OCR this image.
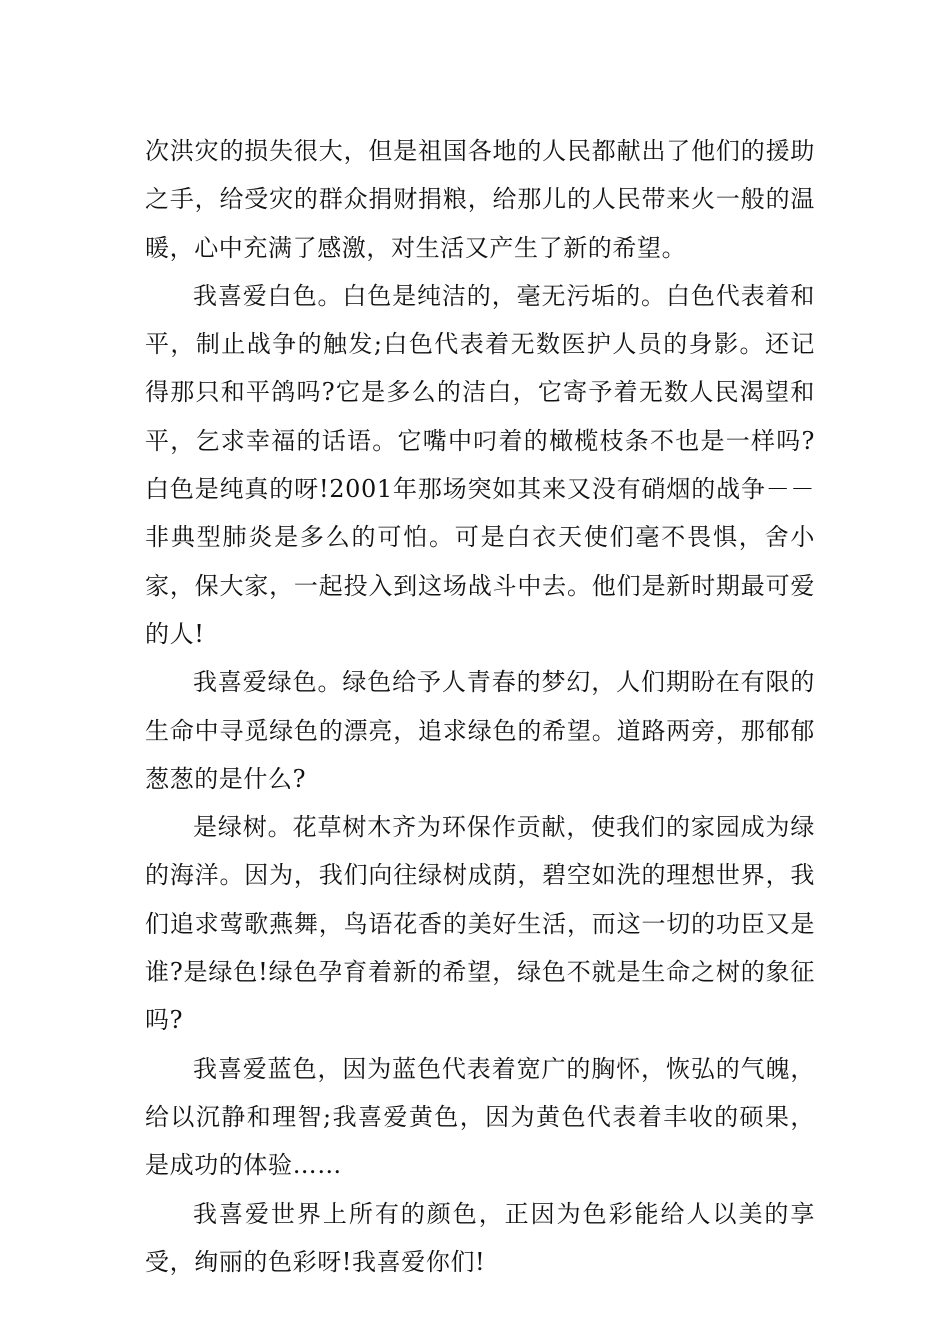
次洪灾的损失很大，但是祖国各地的人民都献出了他们的援助之手，给受灾的群众捐财捐粮，给那儿的人民带来火一般的温暖，心中充满了感激，对生活又产生了新的希望。

我喜爱白色。白色是纯洁的，毫无污垢的。白色代表着和平，制止战争的触发;白色代表着无数医护人员的身影。还记得那只和平鸽吗?它是多么的洁白，它寄予着无数人民渴望和平，乞求幸福的话语。它嘴中叼着的橄榄枝条不也是一样吗?白色是纯真的呀!2001年那场突如其来又没有硝烟的战争－－非典型肺炎是多么的可怕。可是白衣天使们毫不畏惧，舍小家，保大家，一起投入到这场战斗中去。他们是新时期最可爱的人!

我喜爱绿色。绿色给予人青春的梦幻，人们期盼在有限的生命中寻觅绿色的漂亮，追求绿色的希望。道路两旁，那郁郁葱葱的是什么?

是绿树。花草树木齐为环保作贡献，使我们的家园成为绿的海洋。因为，我们向往绿树成荫，碧空如洗的理想世界，我们追求莺歌燕舞，鸟语花香的美好生活，而这一切的功臣又是谁?是绿色!绿色孕育着新的希望，绿色不就是生命之树的象征吗?

我喜爱蓝色，因为蓝色代表着宽广的胸怀，恢弘的气魄，给以沉静和理智;我喜爱黄色，因为黄色代表着丰收的硕果，是成功的体验……

我喜爱世界上所有的颜色，正因为色彩能给人以美的享受，绚丽的色彩呀!我喜爱你们!
